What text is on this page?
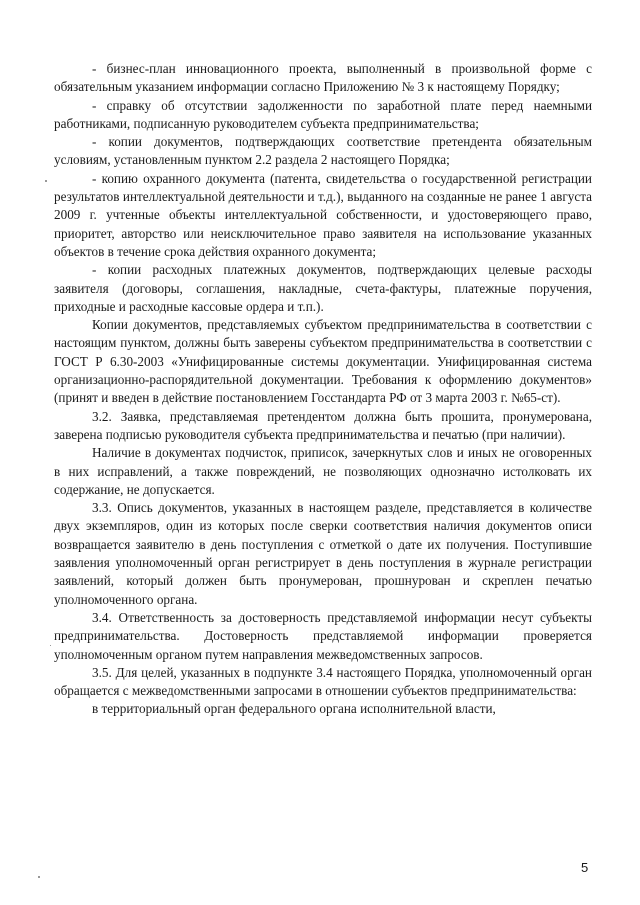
- бизнес-план инновационного проекта, выполненный в произвольной форме с обязательным указанием информации согласно Приложению № 3 к настоящему Порядку;

- справку об отсутствии задолженности по заработной плате перед наемными работниками, подписанную руководителем субъекта предпринимательства;

- копии документов, подтверждающих соответствие претендента обязательным условиям, установленным пунктом 2.2 раздела 2 настоящего Порядка;

- копию охранного документа (патента, свидетельства о государственной регистрации результатов интеллектуальной деятельности и т.д.), выданного на созданные не ранее 1 августа 2009 г. учтенные объекты интеллектуальной собственности, и удостоверяющего право, приоритет, авторство или неисключительное право заявителя на использование указанных объектов в течение срока действия охранного документа;

- копии расходных платежных документов, подтверждающих целевые расходы заявителя (договоры, соглашения, накладные, счета-фактуры, платежные поручения, приходные и расходные кассовые ордера и т.п.).

Копии документов, представляемых субъектом предпринимательства в соответствии с настоящим пунктом, должны быть заверены субъектом предпринимательства в соответствии с ГОСТ Р 6.30-2003 «Унифицированные системы документации. Унифицированная система организационно-распорядительной документации. Требования к оформлению документов» (принят и введен в действие постановлением Госстандарта РФ от 3 марта 2003 г. №65-ст).

3.2. Заявка, представляемая претендентом должна быть прошита, пронумерована, заверена подписью руководителя субъекта предпринимательства и печатью (при наличии).

Наличие в документах подчисток, приписок, зачеркнутых слов и иных не оговоренных в них исправлений, а также повреждений, не позволяющих однозначно истолковать их содержание, не допускается.

3.3. Опись документов, указанных в настоящем разделе, представляется в количестве двух экземпляров, один из которых после сверки соответствия наличия документов описи возвращается заявителю в день поступления с отметкой о дате их получения. Поступившие заявления уполномоченный орган регистрирует в день поступления в журнале регистрации заявлений, который должен быть пронумерован, прошнурован и скреплен печатью уполномоченного органа.

3.4. Ответственность за достоверность представляемой информации несут субъекты предпринимательства. Достоверность представляемой информации проверяется уполномоченным органом путем направления межведомственных запросов.

3.5. Для целей, указанных в подпункте 3.4 настоящего Порядка, уполномоченный орган обращается с межведомственными запросами в отношении субъектов предпринимательства:

в территориальный орган федерального органа исполнительной власти,

5
